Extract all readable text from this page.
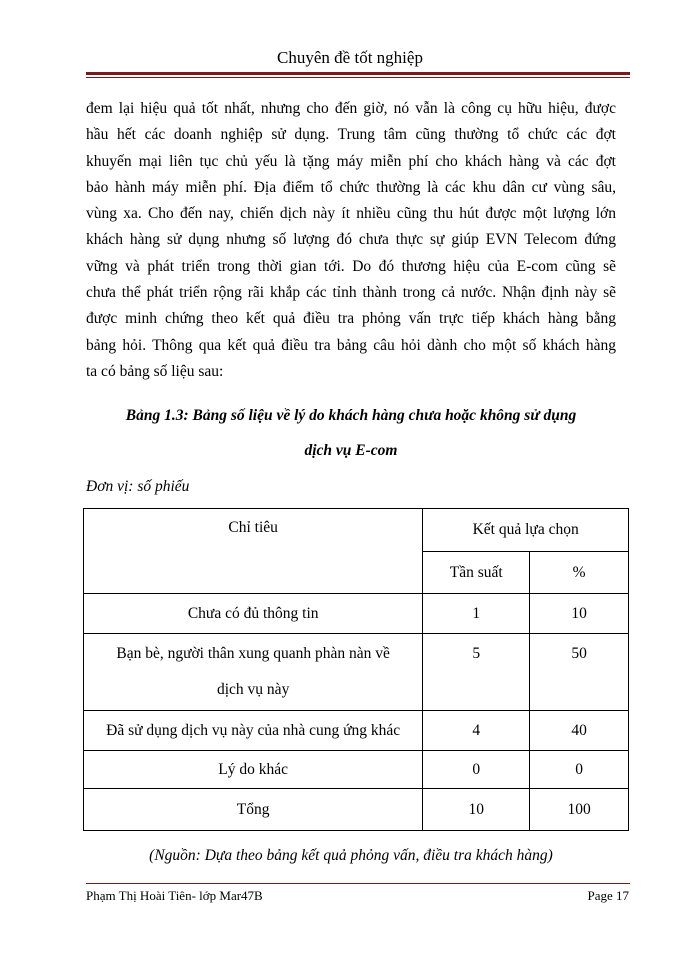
Chuyên đề tốt nghiệp
đem lại hiệu quả tốt nhất, nhưng cho đến giờ, nó vẫn là công cụ hữu hiệu, được
hầu hết các doanh nghiệp sử dụng. Trung tâm cũng thường tổ chức các đợt
khuyến mại liên tục chủ yếu là tặng máy miễn phí cho khách hàng và các đợt
bảo hành máy miễn phí. Địa điểm tổ chức thường là các khu dân cư vùng sâu,
vùng xa. Cho đến nay, chiến dịch này ít nhiều cũng thu hút được một lượng lớn
khách hàng sử dụng nhưng số lượng đó chưa thực sự giúp EVN Telecom đứng
vững và phát triển trong thời gian tới. Do đó thương hiệu của E-com cũng sẽ
chưa thể phát triển rộng rãi khắp các tỉnh thành trong cả nước. Nhận định này sẽ
được minh chứng theo kết quả điều tra phỏng vấn trực tiếp khách hàng bằng
bảng hỏi. Thông qua kết quả điều tra bảng câu hỏi dành cho một số khách hàng
ta có bảng số liệu sau:
Bảng 1.3: Bảng số liệu về lý do khách hàng chưa hoặc không sử dụng
dịch vụ E-com
Đơn vị: số phiếu
Chỉ tiêu	Kết quả lựa chọn	
	Tần suất	%
Chưa có đủ thông tin	1	10

Bạn bè, người thân xung quanh phàn nàn về
dịch vụ này	5	50
Đã sử dụng dịch vụ này của nhà cung ứng khác	4	40
Lý do khác	0	0
Tổng	10	100
(Nguồn: Dựa theo bảng kết quả phỏng vấn, điều tra khách hàng)
Phạm Thị Hoài Tiên- lớp Mar47B	Page 17
